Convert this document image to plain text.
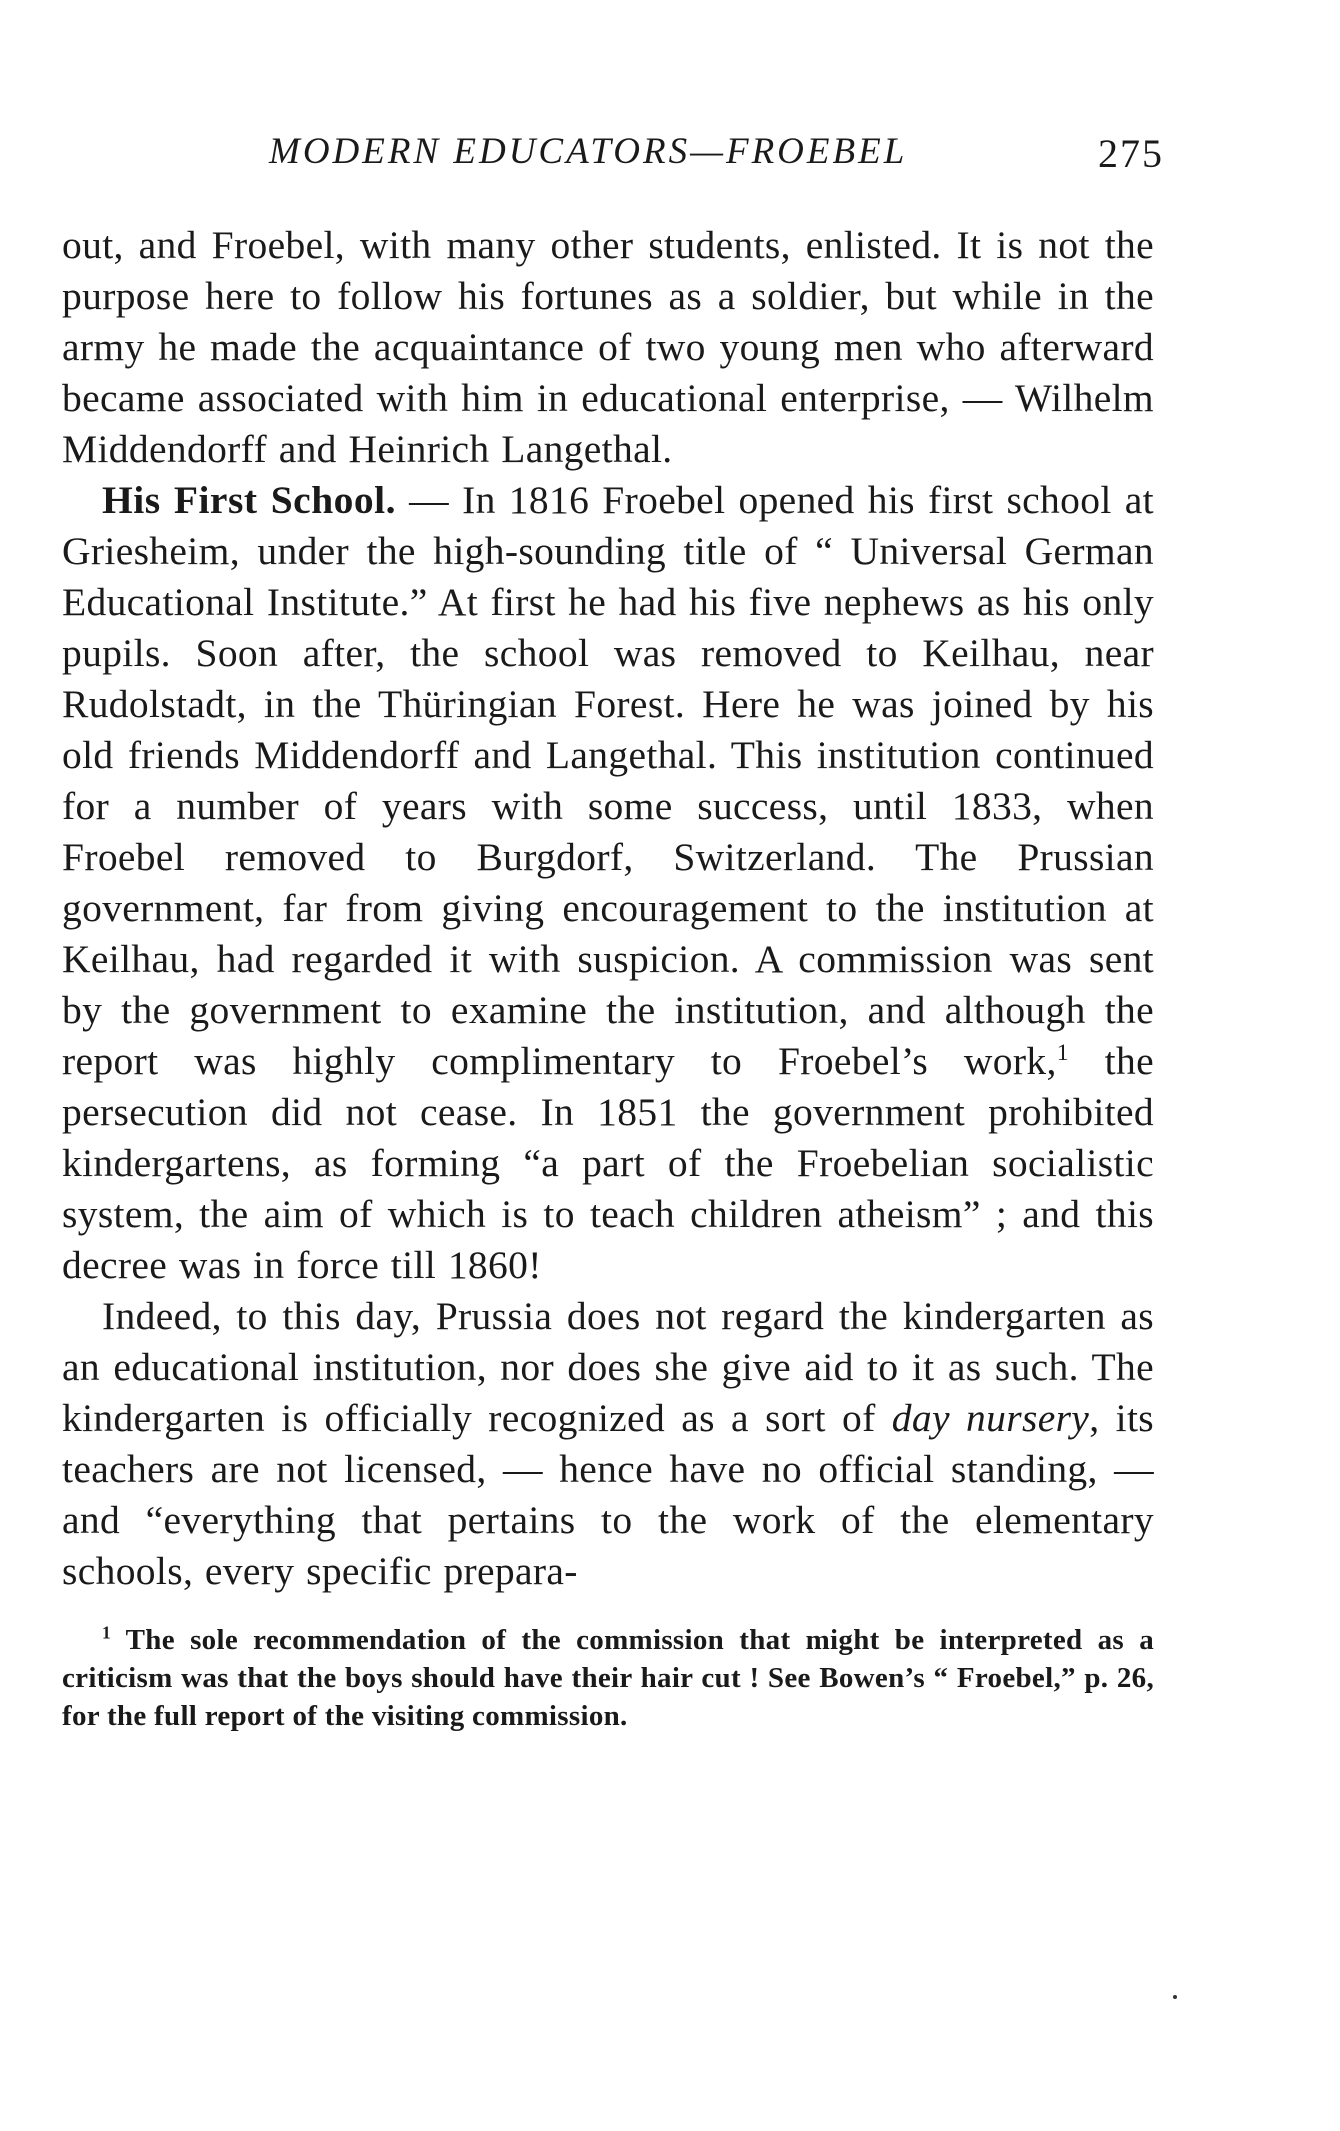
MODERN EDUCATORS—FROEBEL	275

out, and Froebel, with many other students, enlisted. It is not the purpose here to follow his fortunes as a soldier, but while in the army he made the acquaintance of two young men who afterward became associated with him in educational enterprise, — Wilhelm Middendorff and Heinrich Langethal.

His First School. — In 1816 Froebel opened his first school at Griesheim, under the high-sounding title of “ Universal German Educational Institute.” At first he had his five nephews as his only pupils. Soon after, the school was removed to Keilhau, near Rudolstadt, in the Thüringian Forest. Here he was joined by his old friends Middendorff and Langethal. This institution continued for a number of years with some success, until 1833, when Froebel removed to Burgdorf, Switzerland. The Prussian government, far from giving encouragement to the institution at Keilhau, had regarded it with suspicion. A commission was sent by the government to examine the institution, and although the report was highly complimentary to Froebel’s work,$^1$ the persecution did not cease. In 1851 the government prohibited kindergartens, as forming “a part of the Froebelian socialistic system, the aim of which is to teach children atheism” ; and this decree was in force till 1860!

Indeed, to this day, Prussia does not regard the kindergarten as an educational institution, nor does she give aid to it as such. The kindergarten is officially recognized as a sort of day nursery, its teachers are not licensed, — hence have no official standing, — and “everything that pertains to the work of the elementary schools, every specific prepara-

$^1$ The sole recommendation of the commission that might be interpreted as a criticism was that the boys should have their hair cut ! See Bowen’s “ Froebel,” p. 26, for the full report of the visiting commission.
